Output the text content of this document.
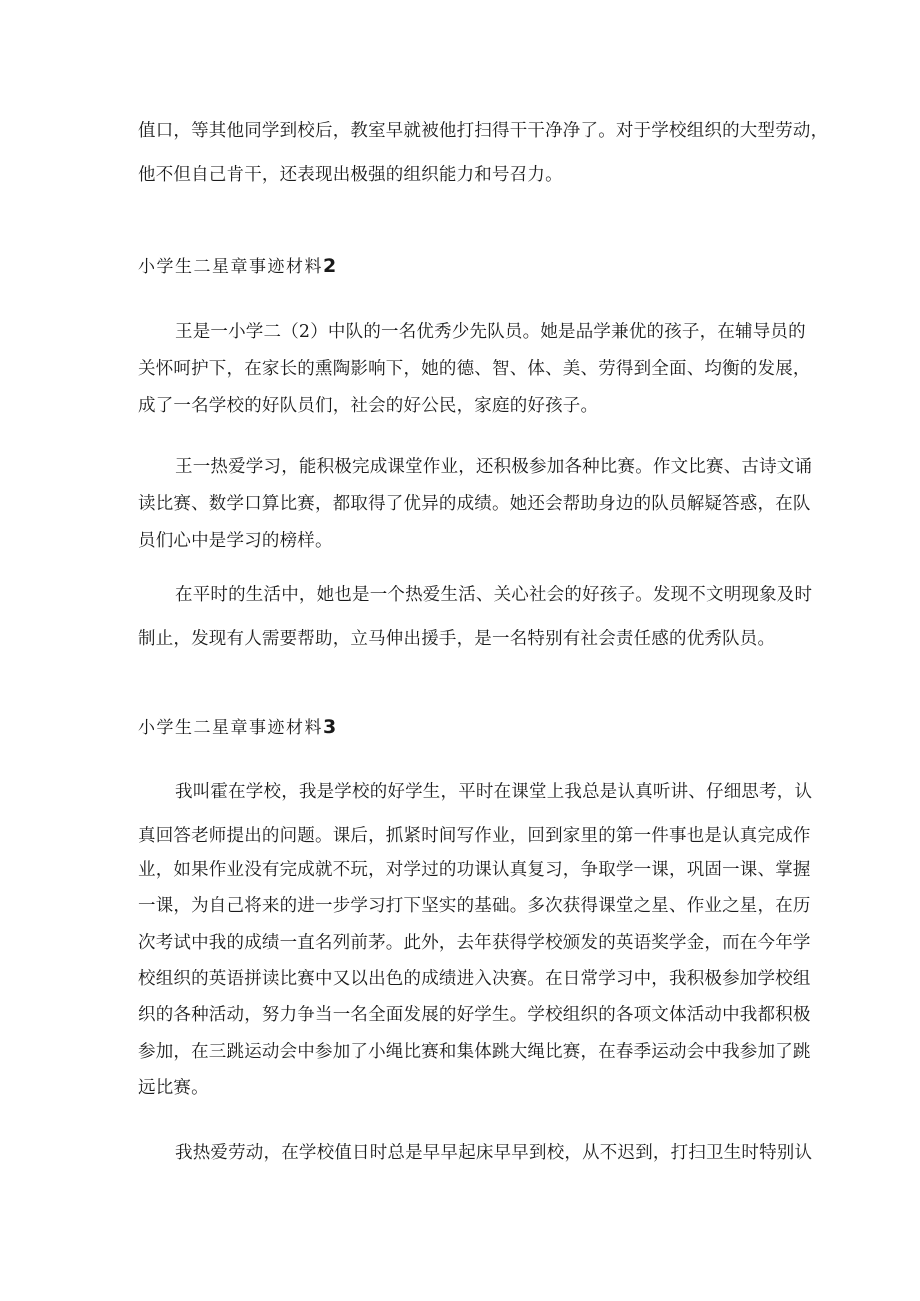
值口，等其他同学到校后，教室早就被他打扫得干干净净了。对于学校组织的大型劳动，
他不但自己肯干，还表现出极强的组织能力和号召力。
小学生二星章事迹材料2
王是一小学二（2）中队的一名优秀少先队员。她是品学兼优的孩子，在辅导员的
关怀呵护下，在家长的熏陶影响下，她的德、智、体、美、劳得到全面、均衡的发展，
成了一名学校的好队员们，社会的好公民，家庭的好孩子。
王一热爱学习，能积极完成课堂作业，还积极参加各种比赛。作文比赛、古诗文诵
读比赛、数学口算比赛，都取得了优异的成绩。她还会帮助身边的队员解疑答惑，在队
员们心中是学习的榜样。
在平时的生活中，她也是一个热爱生活、关心社会的好孩子。发现不文明现象及时
制止，发现有人需要帮助，立马伸出援手，是一名特别有社会责任感的优秀队员。
小学生二星章事迹材料3
我叫霍在学校，我是学校的好学生，平时在课堂上我总是认真听讲、仔细思考，认
真回答老师提出的问题。课后，抓紧时间写作业，回到家里的第一件事也是认真完成作
业，如果作业没有完成就不玩，对学过的功课认真复习，争取学一课，巩固一课、掌握
一课，为自己将来的进一步学习打下坚实的基础。多次获得课堂之星、作业之星，在历
次考试中我的成绩一直名列前茅。此外，去年获得学校颁发的英语奖学金，而在今年学
校组织的英语拼读比赛中又以出色的成绩进入决赛。在日常学习中，我积极参加学校组
织的各种活动，努力争当一名全面发展的好学生。学校组织的各项文体活动中我都积极
参加，在三跳运动会中参加了小绳比赛和集体跳大绳比赛，在春季运动会中我参加了跳
远比赛。
我热爱劳动，在学校值日时总是早早起床早早到校，从不迟到，打扫卫生时特别认
